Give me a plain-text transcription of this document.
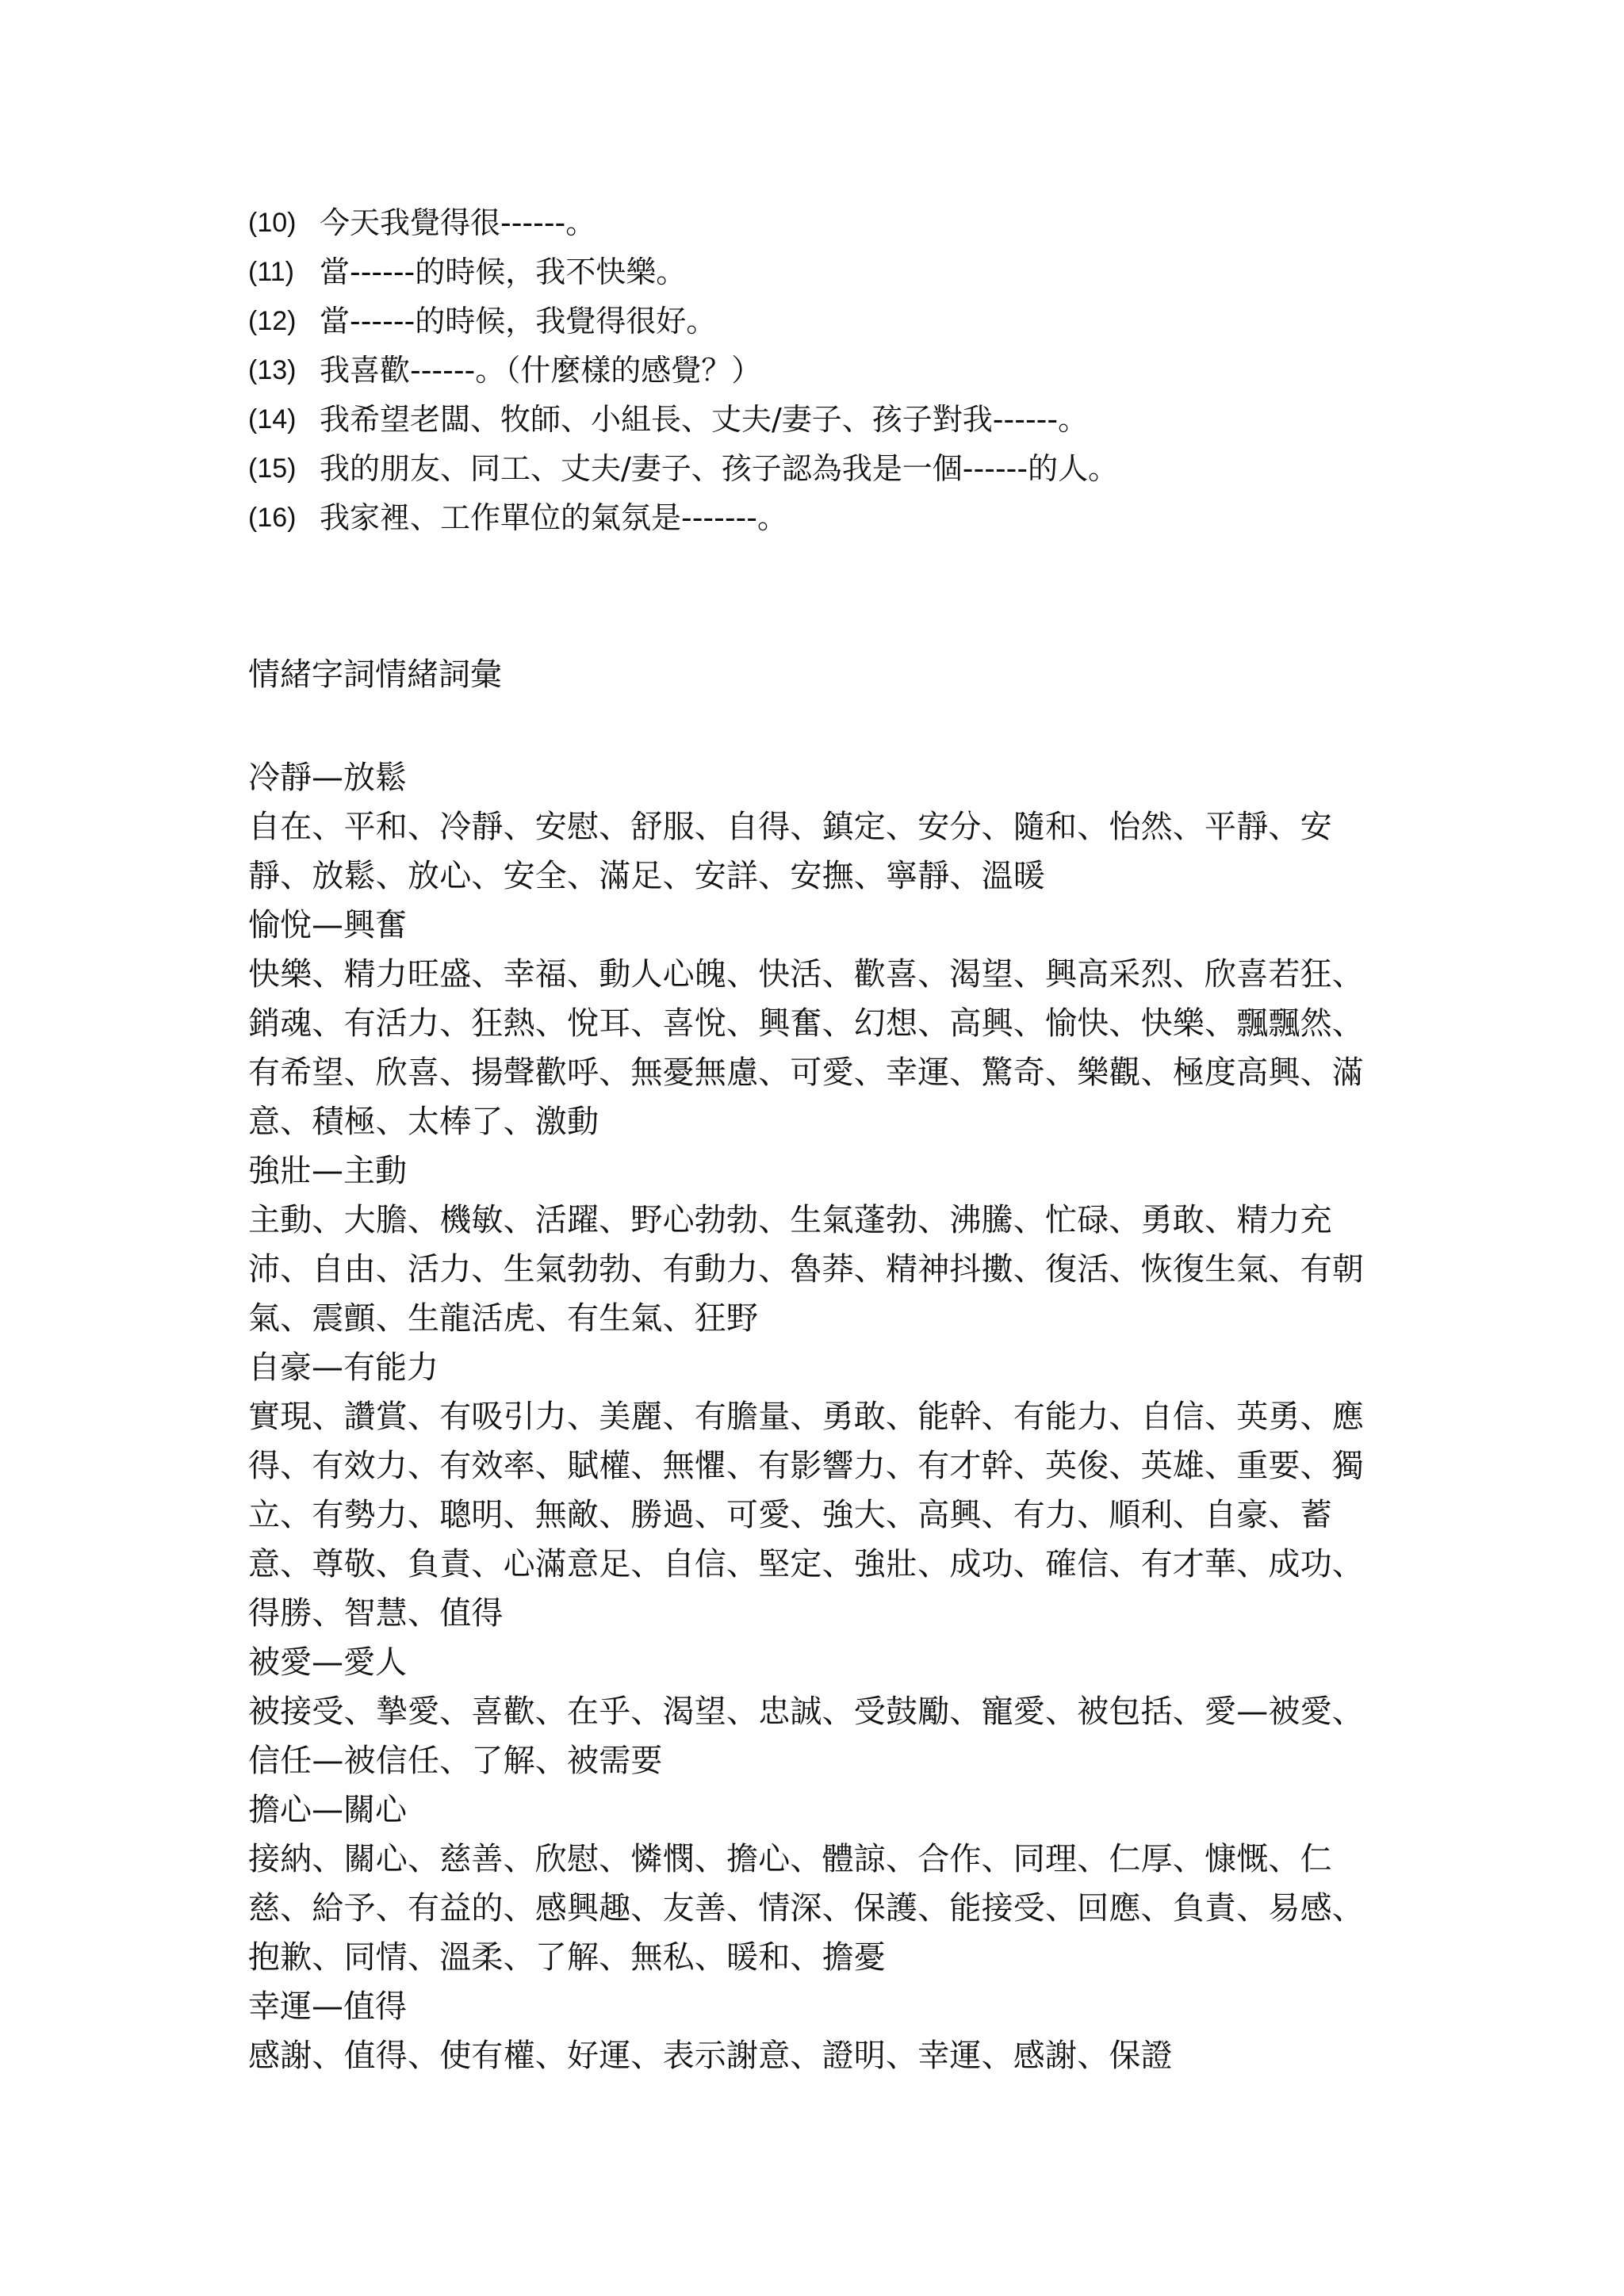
(10) 今天我覺得很------。
(11) 當------的時候，我不快樂。
(12) 當------的時候，我覺得很好。
(13) 我喜歡------。（什麼樣的感覺？）
(14) 我希望老闆、牧師、小組長、丈夫/妻子、孩子對我------。
(15) 我的朋友、同工、丈夫/妻子、孩子認為我是一個------的人。
(16) 我家裡、工作單位的氣氛是-------。
情緒字詞情緒詞彙
冷靜—放鬆
自在、平和、冷靜、安慰、舒服、自得、鎮定、安分、隨和、怡然、平靜、安靜、放鬆、放心、安全、滿足、安詳、安撫、寧靜、溫暖
愉悅—興奮
快樂、精力旺盛、幸福、動人心魄、快活、歡喜、渴望、興高采烈、欣喜若狂、銷魂、有活力、狂熱、悅耳、喜悅、興奮、幻想、高興、愉快、快樂、飄飄然、有希望、欣喜、揚聲歡呼、無憂無慮、可愛、幸運、驚奇、樂觀、極度高興、滿意、積極、太棒了、激動
強壯—主動
主動、大膽、機敏、活躍、野心勃勃、生氣蓬勃、沸騰、忙碌、勇敢、精力充沛、自由、活力、生氣勃勃、有動力、魯莽、精神抖擻、復活、恢復生氣、有朝氣、震顫、生龍活虎、有生氣、狂野
自豪—有能力
實現、讚賞、有吸引力、美麗、有膽量、勇敢、能幹、有能力、自信、英勇、應得、有效力、有效率、賦權、無懼、有影響力、有才幹、英俊、英雄、重要、獨立、有勢力、聰明、無敵、勝過、可愛、強大、高興、有力、順利、自豪、蓄意、尊敬、負責、心滿意足、自信、堅定、強壯、成功、確信、有才華、成功、得勝、智慧、值得
被愛—愛人
被接受、摯愛、喜歡、在乎、渴望、忠誠、受鼓勵、寵愛、被包括、愛—被愛、信任—被信任、了解、被需要
擔心—關心
接納、關心、慈善、欣慰、憐憫、擔心、體諒、合作、同理、仁厚、慷慨、仁慈、給予、有益的、感興趣、友善、情深、保護、能接受、回應、負責、易感、抱歉、同情、溫柔、了解、無私、暖和、擔憂
幸運—值得
感謝、值得、使有權、好運、表示謝意、證明、幸運、感謝、保證
